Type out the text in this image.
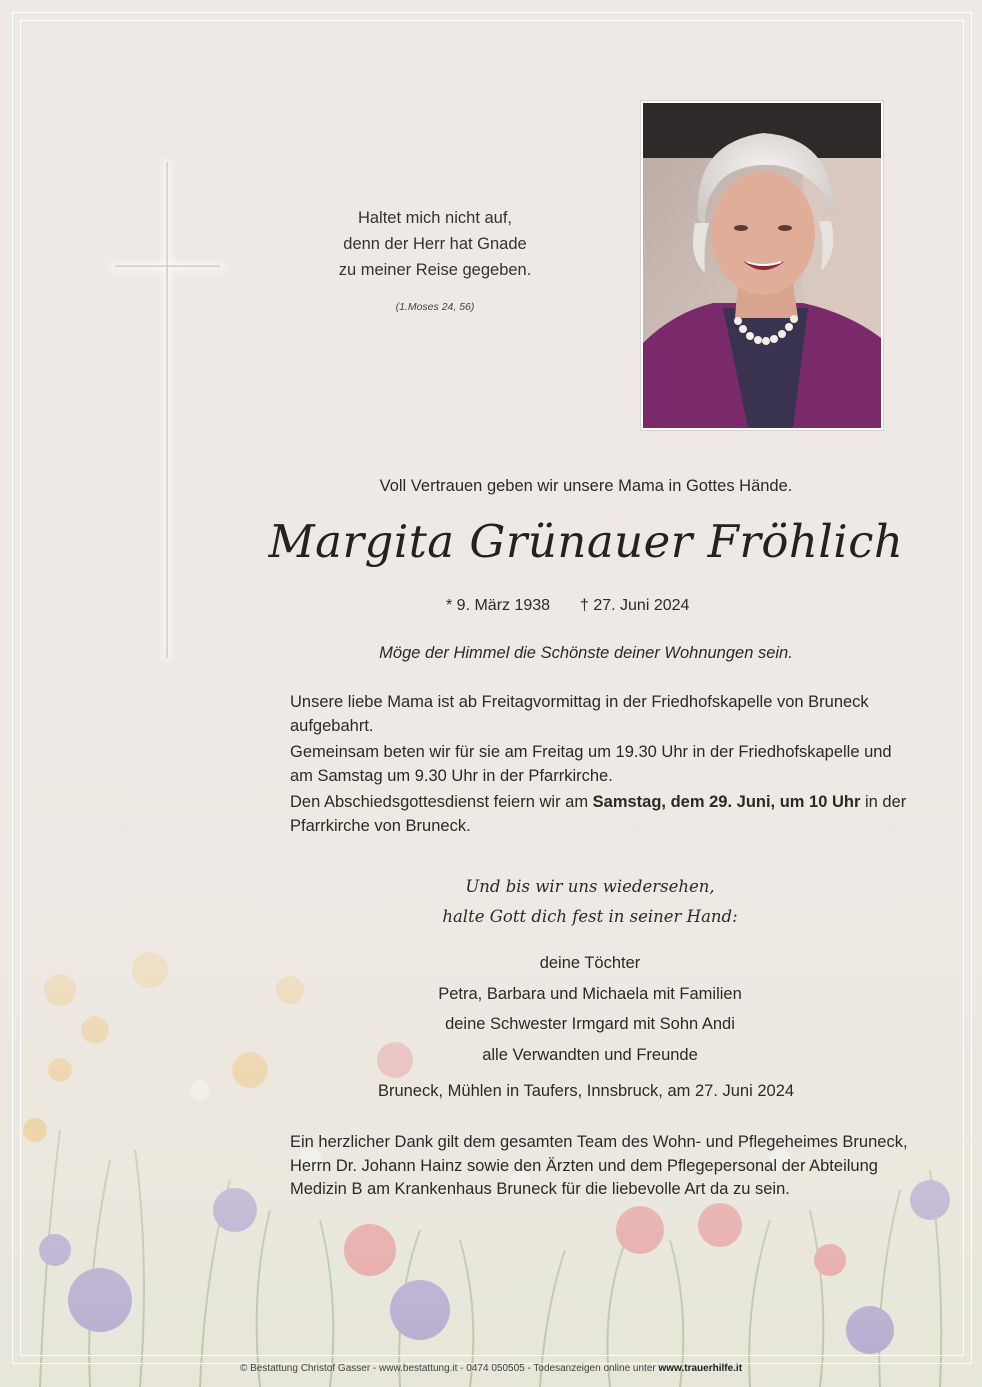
Haltet mich nicht auf,
denn der Herr hat Gnade
zu meiner Reise gegeben.
(1.Moses 24, 56)
Voll Vertrauen geben wir unsere Mama in Gottes Hände.
Margita Grünauer Fröhlich
* 9. März 1938 † 27. Juni 2024
Möge der Himmel die Schönste deiner Wohnungen sein.

Unsere liebe Mama ist ab Freitagvormittag in der Friedhofskapelle von Bruneck aufgebahrt.

Gemeinsam beten wir für sie am Freitag um 19.30 Uhr in der Friedhofskapelle und am Samstag um 9.30 Uhr in der Pfarrkirche.

Den Abschiedsgottesdienst feiern wir am Samstag, dem 29. Juni, um 10 Uhr in der Pfarrkirche von Bruneck.

Und bis wir uns wiedersehen,
halte Gott dich fest in seiner Hand:
deine Töchter
Petra, Barbara und Michaela mit Familien
deine Schwester Irmgard mit Sohn Andi
alle Verwandten und Freunde
Bruneck, Mühlen in Taufers, Innsbruck, am 27. Juni 2024
Ein herzlicher Dank gilt dem gesamten Team des Wohn- und Pflegeheimes Bruneck, Herrn Dr. Johann Hainz sowie den Ärzten und dem Pflegepersonal der Abteilung Medizin B am Krankenhaus Bruneck für die liebevolle Art da zu sein.
© Bestattung Christof Gasser - www.bestattung.it - 0474 050505 - Todesanzeigen online unter www.trauerhilfe.it
